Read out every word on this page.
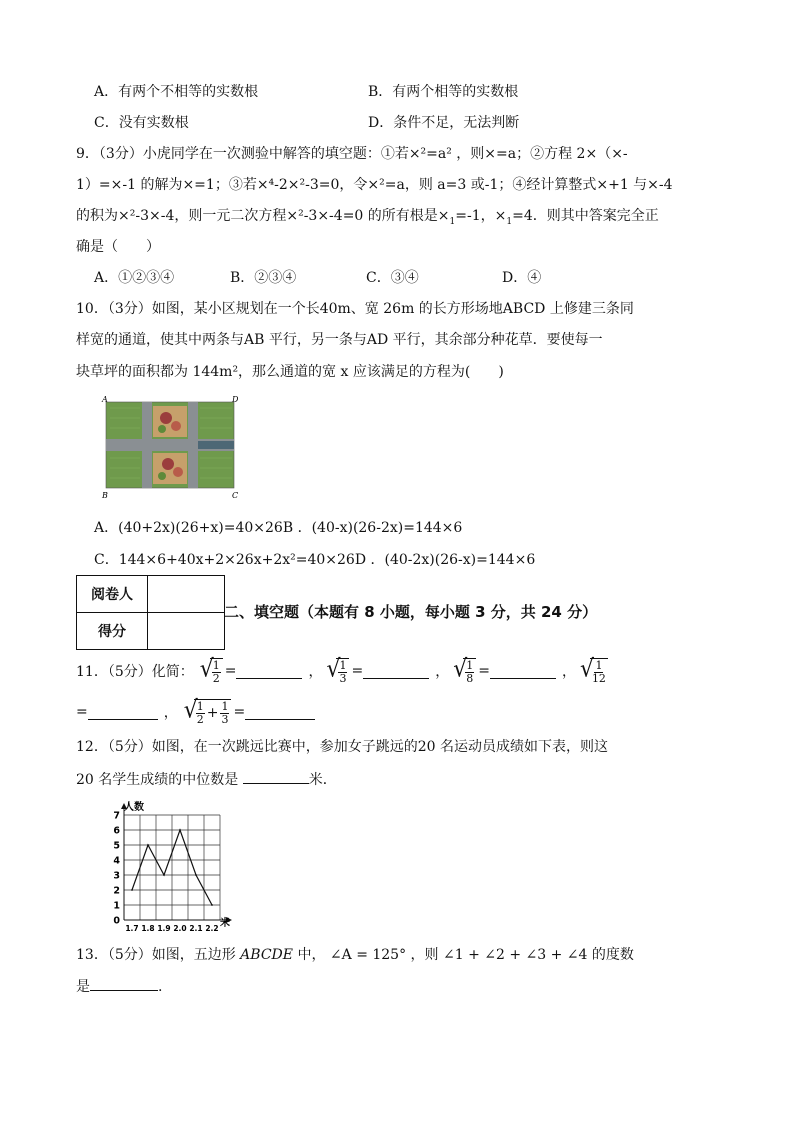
A．有两个不相等的实数根	B．有两个相等的实数根
C．没有实数根	D．条件不足，无法判断
9．（3分）小虎同学在一次测验中解答的填空题：①若×²=a² ，则×=a；②方程 2×（×-
1）=×-1 的解为×=1；③若×⁴-2×²-3=0，令×²=a，则 a=3 或-1；④经计算整式×+1 与×-4
的积为×²-3×-4，则一元二次方程×²-3×-4=0 的所有根是$\times_1=-1$，$\times_1=4$．则其中答案完全正
确是（　　）
A．①②③④	B．②③④	C．③④	D．④
10．（3分）如图，某小区规划在一个长40m、宽 26m 的长方形场地ABCD 上修建三条同
样宽的通道，使其中两条与AB 平行，另一条与AD 平行，其余部分种花草．要使每一
块草坪的面积都为 144m²，那么通道的宽 x 应该满足的方程为(　　)
A	D
B	C
A．(40+2x)(26+x)=40×26B ．(40-x)(26-2x)=144×6
C．144×6+40x+2×26x+2x²=40×26D ．(40-2x)(26-x)=144×6
阅卷人	
得分	
二、填空题（本题有 8 小题，每小题 3 分，共 24 分）
11．（5分）化简： √ $\frac{1}{2}$ =	， √ $\frac{1}{3}$ =	， √ $\frac{1}{8}$ =	， √ $\frac{1}{12}$
=	， √ $\frac{1}{2} + \frac{1}{3}$ =
12．（5分）如图，在一次跳远比赛中，参加女子跳远的20 名运动员成绩如下表，则这
20 名学生成绩的中位数是	米．
0
1
2
3
4
5
6
7
1.7 1.8 1.9 2.0 2.1 2.2
人数
米
13．（5分）如图，五边形 ABCDE 中， ∠A = 125° ，则 ∠1 + ∠2 + ∠3 + ∠4 的度数
是	.
